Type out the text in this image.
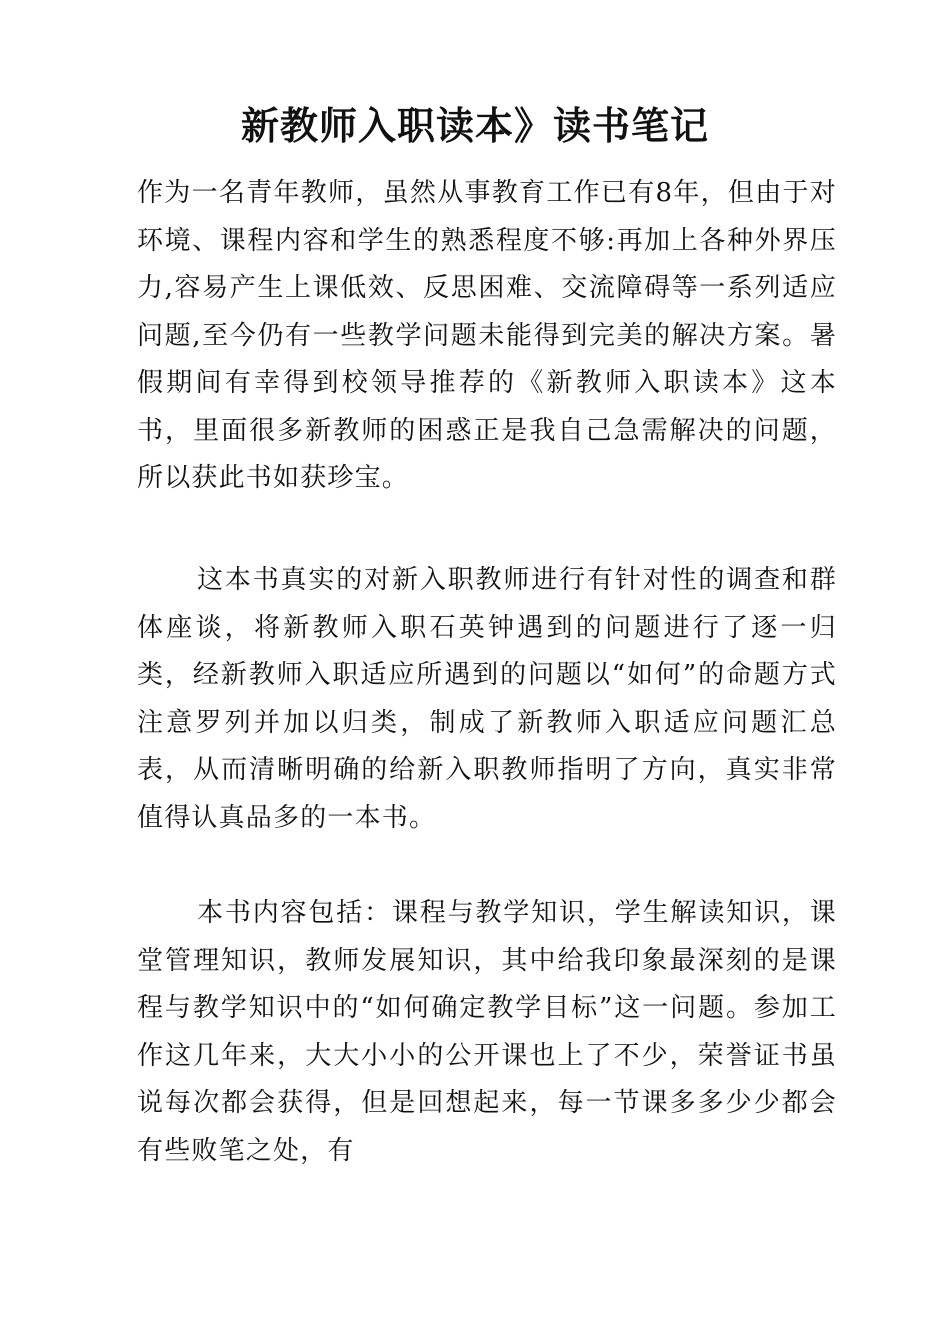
新教师入职读本》读书笔记

作为一名青年教师，虽然从事教育工作已有8年，但由于对环境、课程内容和学生的熟悉程度不够:再加上各种外界压力,容易产生上课低效、反思困难、交流障碍等一系列适应问题,至今仍有一些教学问题未能得到完美的解决方案。暑假期间有幸得到校领导推荐的《新教师入职读本》这本书，里面很多新教师的困惑正是我自己急需解决的问题，所以获此书如获珍宝。

这本书真实的对新入职教师进行有针对性的调查和群体座谈，将新教师入职石英钟遇到的问题进行了逐一归类，经新教师入职适应所遇到的问题以“如何”的命题方式注意罗列并加以归类，制成了新教师入职适应问题汇总表，从而清晰明确的给新入职教师指明了方向，真实非常值得认真品多的一本书。

本书内容包括：课程与教学知识，学生解读知识，课堂管理知识，教师发展知识，其中给我印象最深刻的是课程与教学知识中的“如何确定教学目标”这一问题。参加工作这几年来，大大小小的公开课也上了不少，荣誉证书虽说每次都会获得，但是回想起来，每一节课多多少少都会有些败笔之处，有
